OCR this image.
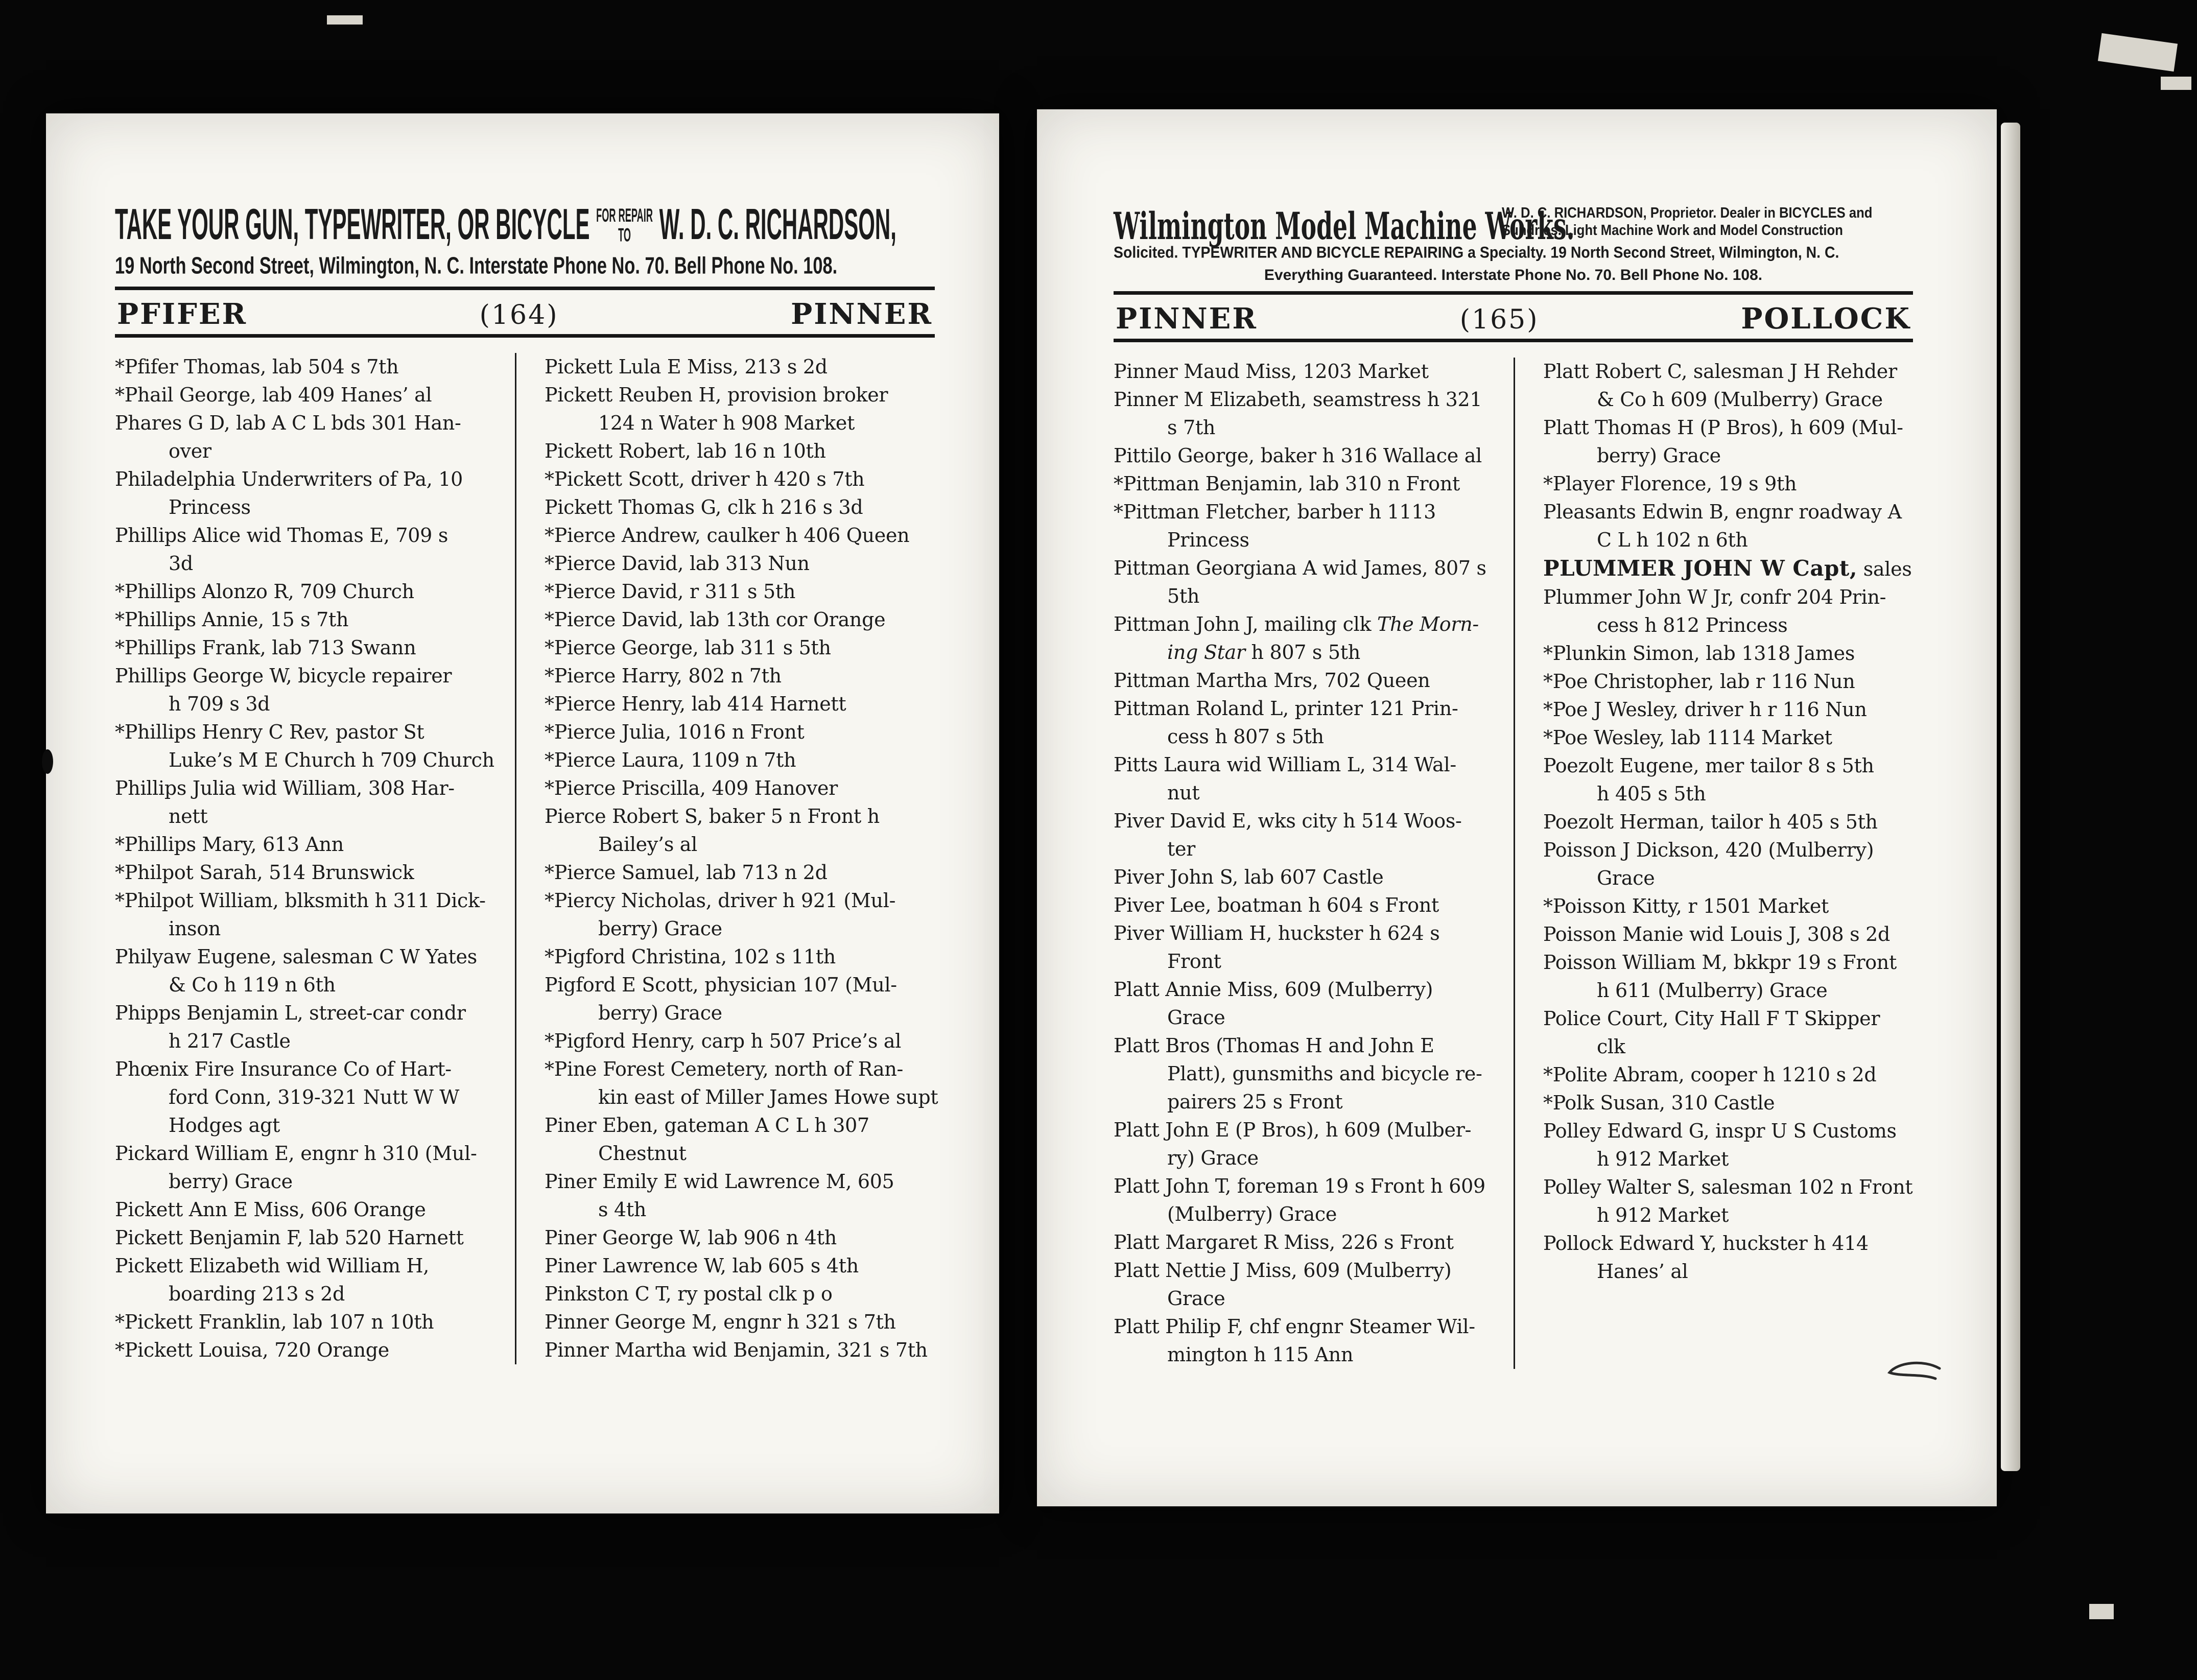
TAKE YOUR GUN, TYPEWRITER, OR BICYCLE FOR REPAIR
TO W. D. C. RICHARDSON,
19 North Second Street, Wilmington, N. C. Interstate Phone No. 70. Bell Phone No. 108.
PFIFER	(164)	PINNER
*Pfifer Thomas, lab 504 s 7th
*Phail George, lab 409 Hanes’ al
Phares G D, lab A C L bds 301 Han-
over
Philadelphia Underwriters of Pa, 10
Princess
Phillips Alice wid Thomas E, 709 s
3d
*Phillips Alonzo R, 709 Church
*Phillips Annie, 15 s 7th
*Phillips Frank, lab 713 Swann
Phillips George W, bicycle repairer
h 709 s 3d
*Phillips Henry C Rev, pastor St
Luke’s M E Church h 709 Church
Phillips Julia wid William, 308 Har-
nett
*Phillips Mary, 613 Ann
*Philpot Sarah, 514 Brunswick
*Philpot William, blksmith h 311 Dick-
inson
Philyaw Eugene, salesman C W Yates
& Co h 119 n 6th
Phipps Benjamin L, street-car condr
h 217 Castle
Phœnix Fire Insurance Co of Hart-
ford Conn, 319-321 Nutt W W
Hodges agt
Pickard William E, engnr h 310 (Mul-
berry) Grace
Pickett Ann E Miss, 606 Orange
Pickett Benjamin F, lab 520 Harnett
Pickett Elizabeth wid William H,
boarding 213 s 2d
*Pickett Franklin, lab 107 n 10th
*Pickett Louisa, 720 Orange
Pickett Lula E Miss, 213 s 2d
Pickett Reuben H, provision broker
124 n Water h 908 Market
Pickett Robert, lab 16 n 10th
*Pickett Scott, driver h 420 s 7th
Pickett Thomas G, clk h 216 s 3d
*Pierce Andrew, caulker h 406 Queen
*Pierce David, lab 313 Nun
*Pierce David, r 311 s 5th
*Pierce David, lab 13th cor Orange
*Pierce George, lab 311 s 5th
*Pierce Harry, 802 n 7th
*Pierce Henry, lab 414 Harnett
*Pierce Julia, 1016 n Front
*Pierce Laura, 1109 n 7th
*Pierce Priscilla, 409 Hanover
Pierce Robert S, baker 5 n Front h
Bailey’s al
*Pierce Samuel, lab 713 n 2d
*Piercy Nicholas, driver h 921 (Mul-
berry) Grace
*Pigford Christina, 102 s 11th
Pigford E Scott, physician 107 (Mul-
berry) Grace
*Pigford Henry, carp h 507 Price’s al
*Pine Forest Cemetery, north of Ran-
kin east of Miller James Howe supt
Piner Eben, gateman A C L h 307
Chestnut
Piner Emily E wid Lawrence M, 605
s 4th
Piner George W, lab 906 n 4th
Piner Lawrence W, lab 605 s 4th
Pinkston C T, ry postal clk p o
Pinner George M, engnr h 321 s 7th
Pinner Martha wid Benjamin, 321 s 7th
Wilmington Model Machine Works.
W. D. C. RICHARDSON, Proprietor. Dealer in BICYCLES and
Sundries. Light Machine Work and Model Construction
Solicited. TYPEWRITER AND BICYCLE REPAIRING a Specialty. 19 North Second Street, Wilmington, N. C.
Everything Guaranteed. Interstate Phone No. 70. Bell Phone No. 108.
PINNER	(165)	POLLOCK
Pinner Maud Miss, 1203 Market
Pinner M Elizabeth, seamstress h 321
s 7th
Pittilo George, baker h 316 Wallace al
*Pittman Benjamin, lab 310 n Front
*Pittman Fletcher, barber h 1113
Princess
Pittman Georgiana A wid James, 807 s
5th
Pittman John J, mailing clk The Morn-
ing Star h 807 s 5th
Pittman Martha Mrs, 702 Queen
Pittman Roland L, printer 121 Prin-
cess h 807 s 5th
Pitts Laura wid William L, 314 Wal-
nut
Piver David E, wks city h 514 Woos-
ter
Piver John S, lab 607 Castle
Piver Lee, boatman h 604 s Front
Piver William H, huckster h 624 s
Front
Platt Annie Miss, 609 (Mulberry)
Grace
Platt Bros (Thomas H and John E
Platt), gunsmiths and bicycle re-
pairers 25 s Front
Platt John E (P Bros), h 609 (Mulber-
ry) Grace
Platt John T, foreman 19 s Front h 609
(Mulberry) Grace
Platt Margaret R Miss, 226 s Front
Platt Nettie J Miss, 609 (Mulberry)
Grace
Platt Philip F, chf engnr Steamer Wil-
mington h 115 Ann
Platt Robert C, salesman J H Rehder
& Co h 609 (Mulberry) Grace
Platt Thomas H (P Bros), h 609 (Mul-
berry) Grace
*Player Florence, 19 s 9th
Pleasants Edwin B, engnr roadway A
C L h 102 n 6th
PLUMMER JOHN W Capt, sales
Plummer John W Jr, confr 204 Prin-
cess h 812 Princess
*Plunkin Simon, lab 1318 James
*Poe Christopher, lab r 116 Nun
*Poe J Wesley, driver h r 116 Nun
*Poe Wesley, lab 1114 Market
Poezolt Eugene, mer tailor 8 s 5th
h 405 s 5th
Poezolt Herman, tailor h 405 s 5th
Poisson J Dickson, 420 (Mulberry)
Grace
*Poisson Kitty, r 1501 Market
Poisson Manie wid Louis J, 308 s 2d
Poisson William M, bkkpr 19 s Front
h 611 (Mulberry) Grace
Police Court, City Hall F T Skipper
clk
*Polite Abram, cooper h 1210 s 2d
*Polk Susan, 310 Castle
Polley Edward G, inspr U S Customs
h 912 Market
Polley Walter S, salesman 102 n Front
h 912 Market
Pollock Edward Y, huckster h 414
Hanes’ al
